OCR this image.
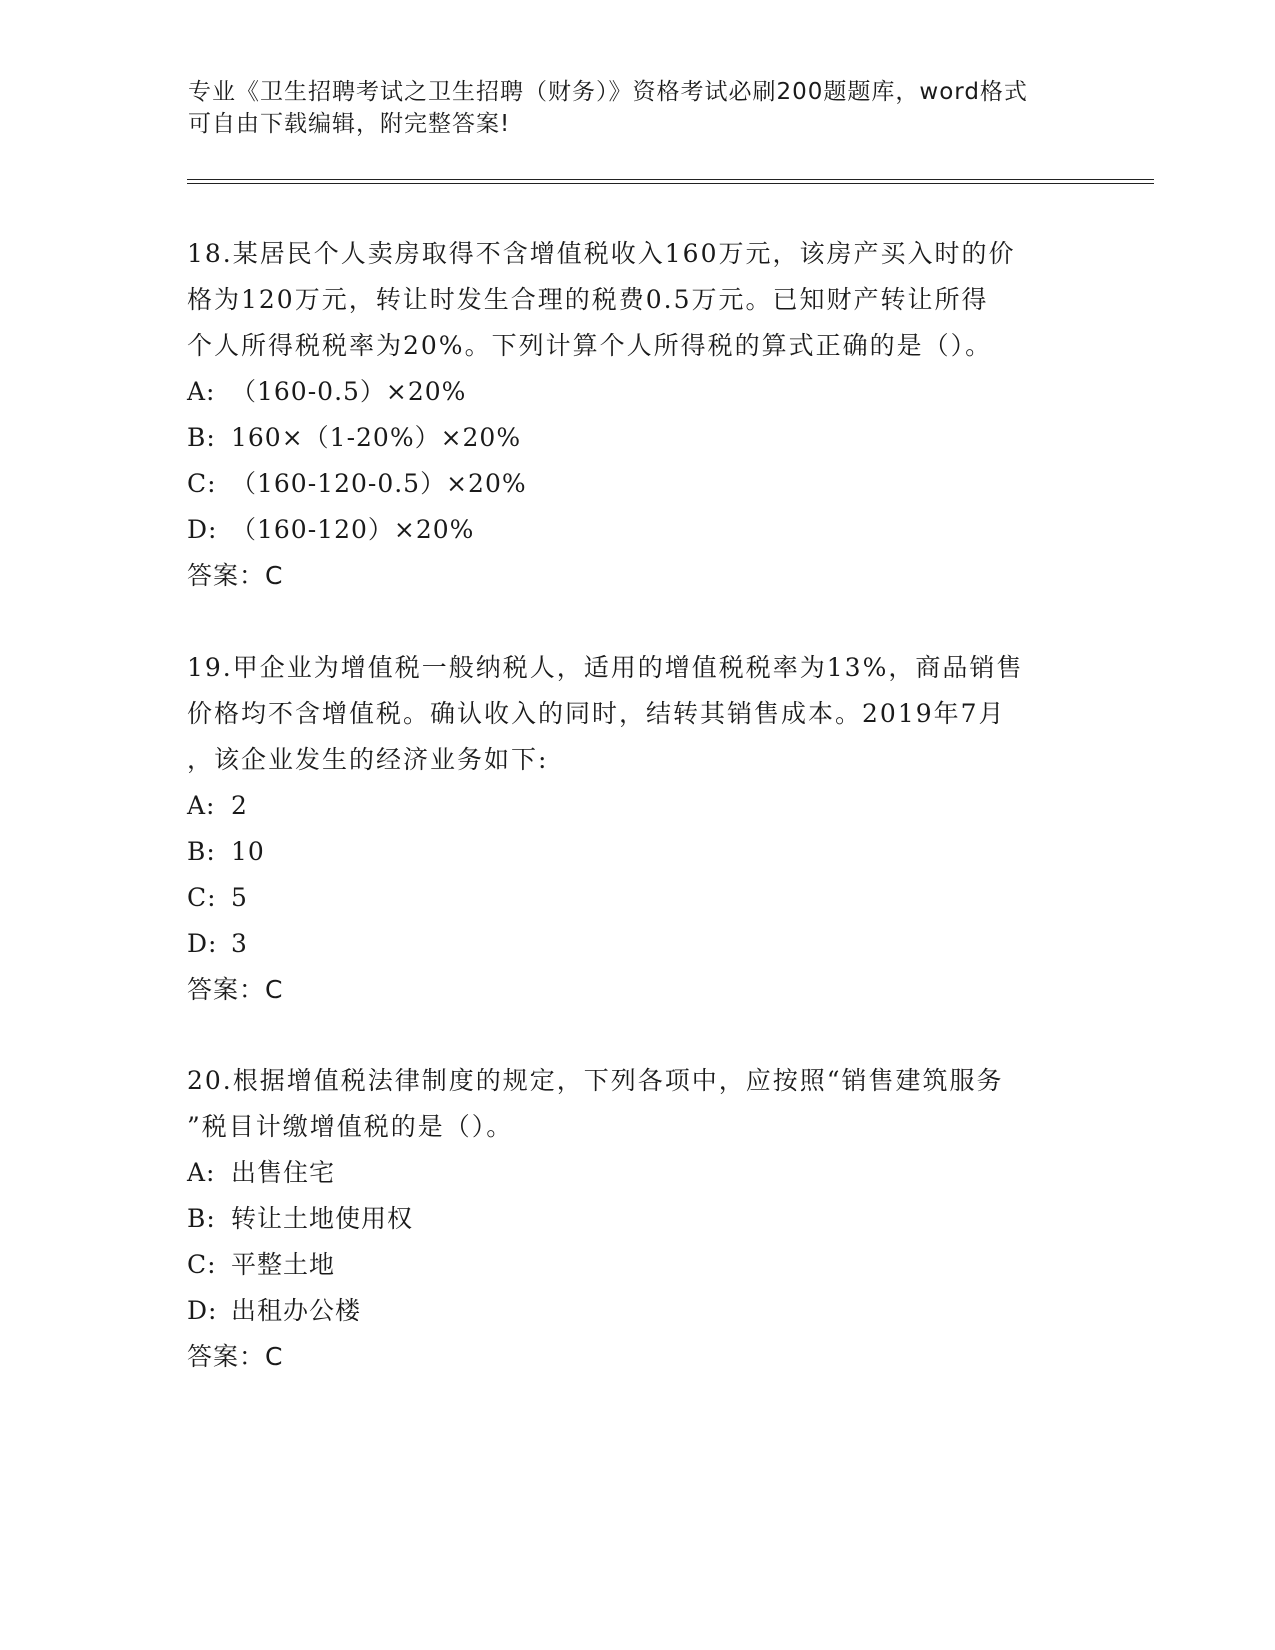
专业《卫生招聘考试之卫生招聘（财务）》资格考试必刷200题题库，word格式
可自由下载编辑，附完整答案!
18.某居民个人卖房取得不含增值税收入160万元，该房产买入时的价
格为120万元，转让时发生合理的税费0.5万元。已知财产转让所得
个人所得税税率为20%。下列计算个人所得税的算式正确的是（）。
A: （160-0.5）×20%
B: 160×（1-20%）×20%
C: （160-120-0.5）×20%
D: （160-120）×20%
答案：C
19.甲企业为增值税一般纳税人，适用的增值税税率为13%，商品销售
价格均不含增值税。确认收入的同时，结转其销售成本。2019年7月
，该企业发生的经济业务如下:
A: 2
B: 10
C: 5
D: 3
答案：C
20.根据增值税法律制度的规定，下列各项中，应按照“销售建筑服务
”税目计缴增值税的是（）。
A: 出售住宅
B: 转让土地使用权
C: 平整土地
D: 出租办公楼
答案：C
